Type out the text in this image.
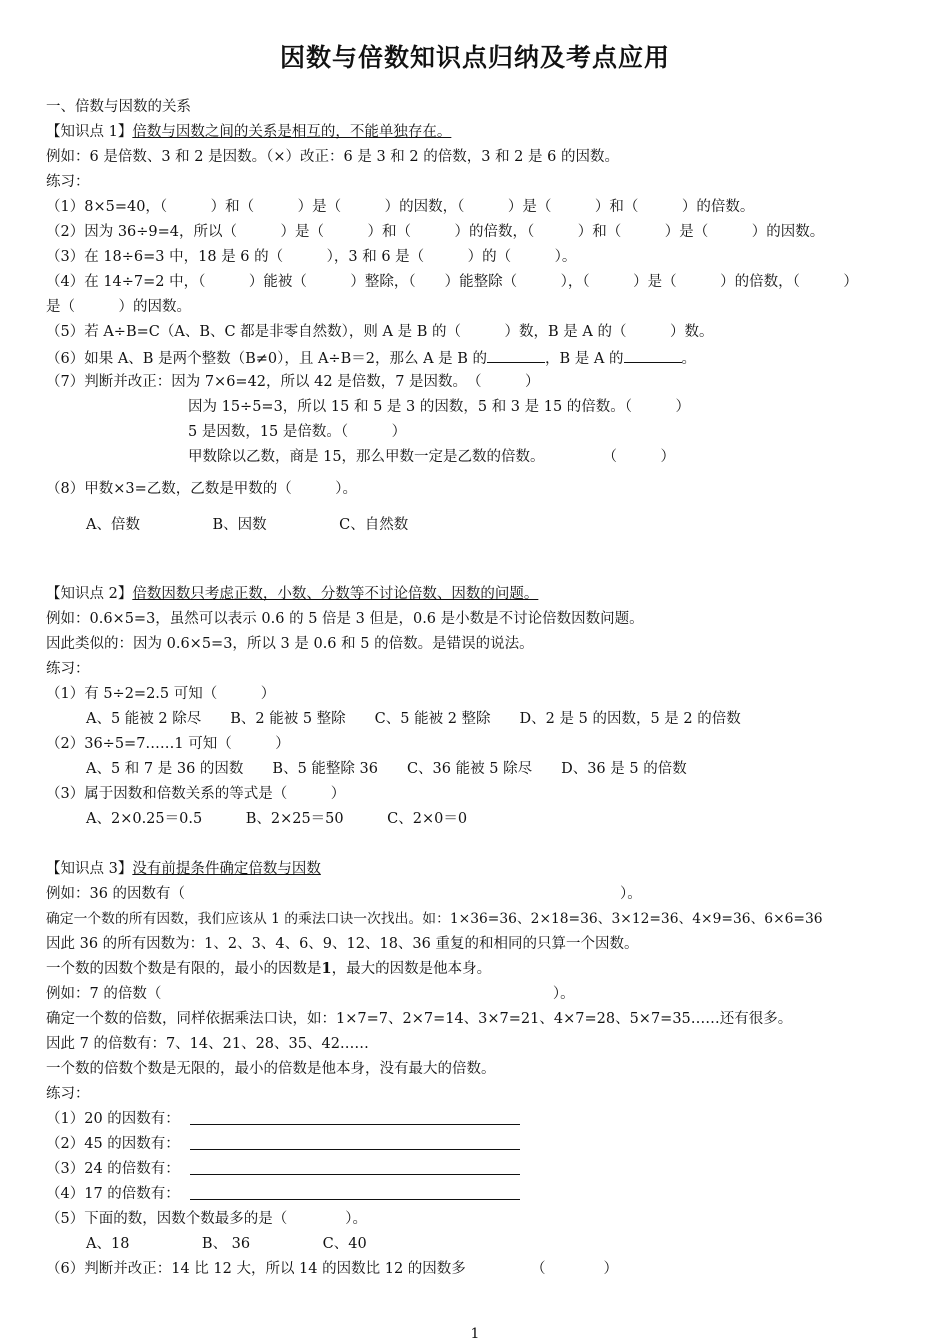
因数与倍数知识点归纳及考点应用
一、倍数与因数的关系
【知识点 1】倍数与因数之间的关系是相互的，不能单独存在。
例如：6 是倍数、3 和 2 是因数。（×）改正：6 是 3 和 2 的倍数，3 和 2 是 6 的因数。
练习：
（1）8×5=40，（　　　）和（　　　）是（　　　）的因数，（　　　）是（　　　）和（　　　）的倍数。
（2）因为 36÷9=4，所以（　　　）是（　　　）和（　　　）的倍数，（　　　）和（　　　）是（　　　）的因数。
（3）在 18÷6=3 中，18 是 6 的（　　　），3 和 6 是（　　　）的（　　　）。
（4）在 14÷7=2 中，（　　　）能被（　　　）整除，（　　）能整除（　　　），（　　　）是（　　　）的倍数，（　　　）
是（　　　）的因数。
（5）若 A÷B=C（A、B、C 都是非零自然数），则 A 是 B 的（　　　）数，B 是 A 的（　　　）数。
（6）如果 A、B 是两个整数（B≠0），且 A÷B＝2，那么 A 是 B 的	，B 是 A 的	。
（7）判断并改正：因为 7×6=42，所以 42 是倍数，7 是因数。　（　　　）
因为 15÷5=3，所以 15 和 5 是 3 的因数，5 和 3 是 15 的倍数。（　　　）
5 是因数，15 是倍数。（　　　）
甲数除以乙数，商是 15，那么甲数一定是乙数的倍数。　　　　　（　　　）
（8）甲数×3=乙数，乙数是甲数的（　　　）。
A、倍数　　　　　B、因数　　　　　C、自然数
【知识点 2】倍数因数只考虑正数，小数、分数等不讨论倍数、因数的问题。
例如：0.6×5=3，虽然可以表示 0.6 的 5 倍是 3 但是，0.6 是小数是不讨论倍数因数问题。
因此类似的：因为 0.6×5=3，所以 3 是 0.6 和 5 的倍数。是错误的说法。
练习：
（1）有 5÷2=2.5 可知（　　　）
A、5 能被 2 除尽　　B、2 能被 5 整除　　C、5 能被 2 整除　　D、2 是 5 的因数，5 是 2 的倍数
（2）36÷5=7……1 可知（　　　）
A、5 和 7 是 36 的因数　　B、5 能整除 36　　C、36 能被 5 除尽　　D、36 是 5 的倍数
（3）属于因数和倍数关系的等式是（　　　）
A、2×0.25＝0.5　　　B、2×25＝50　　　C、2×0＝0
【知识点 3】没有前提条件确定倍数与因数
例如：36 的因数有（　　　　　　　　　　　　　　　　　　　　　　　　　　　　　　）。
确定一个数的所有因数，我们应该从 1 的乘法口诀一次找出。如：1×36=36、2×18=36、3×12=36、4×9=36、6×6=36
因此 36 的所有因数为：1、2、3、4、6、9、12、18、36 重复的和相同的只算一个因数。
一个数的因数个数是有限的，最小的因数是1，最大的因数是他本身。
例如：7 的倍数（　　　　　　　　　　　　　　　　　　　　　　　　　　　）。
确定一个数的倍数，同样依据乘法口诀，如：1×7=7、2×7=14、3×7=21、4×7=28、5×7=35……还有很多。
因此 7 的倍数有：7、14、21、28、35、42……
一个数的倍数个数是无限的，最小的倍数是他本身，没有最大的倍数。
练习：
（1）20 的因数有：
（2）45 的因数有：
（3）24 的倍数有：
（4）17 的倍数有：
（5）下面的数，因数个数最多的是（　　　　）。
A、18　　　　　B、 36　　　　　C、40
（6）判断并改正：14 比 12 大，所以 14 的因数比 12 的因数多　　　　　（　　　　）
1
